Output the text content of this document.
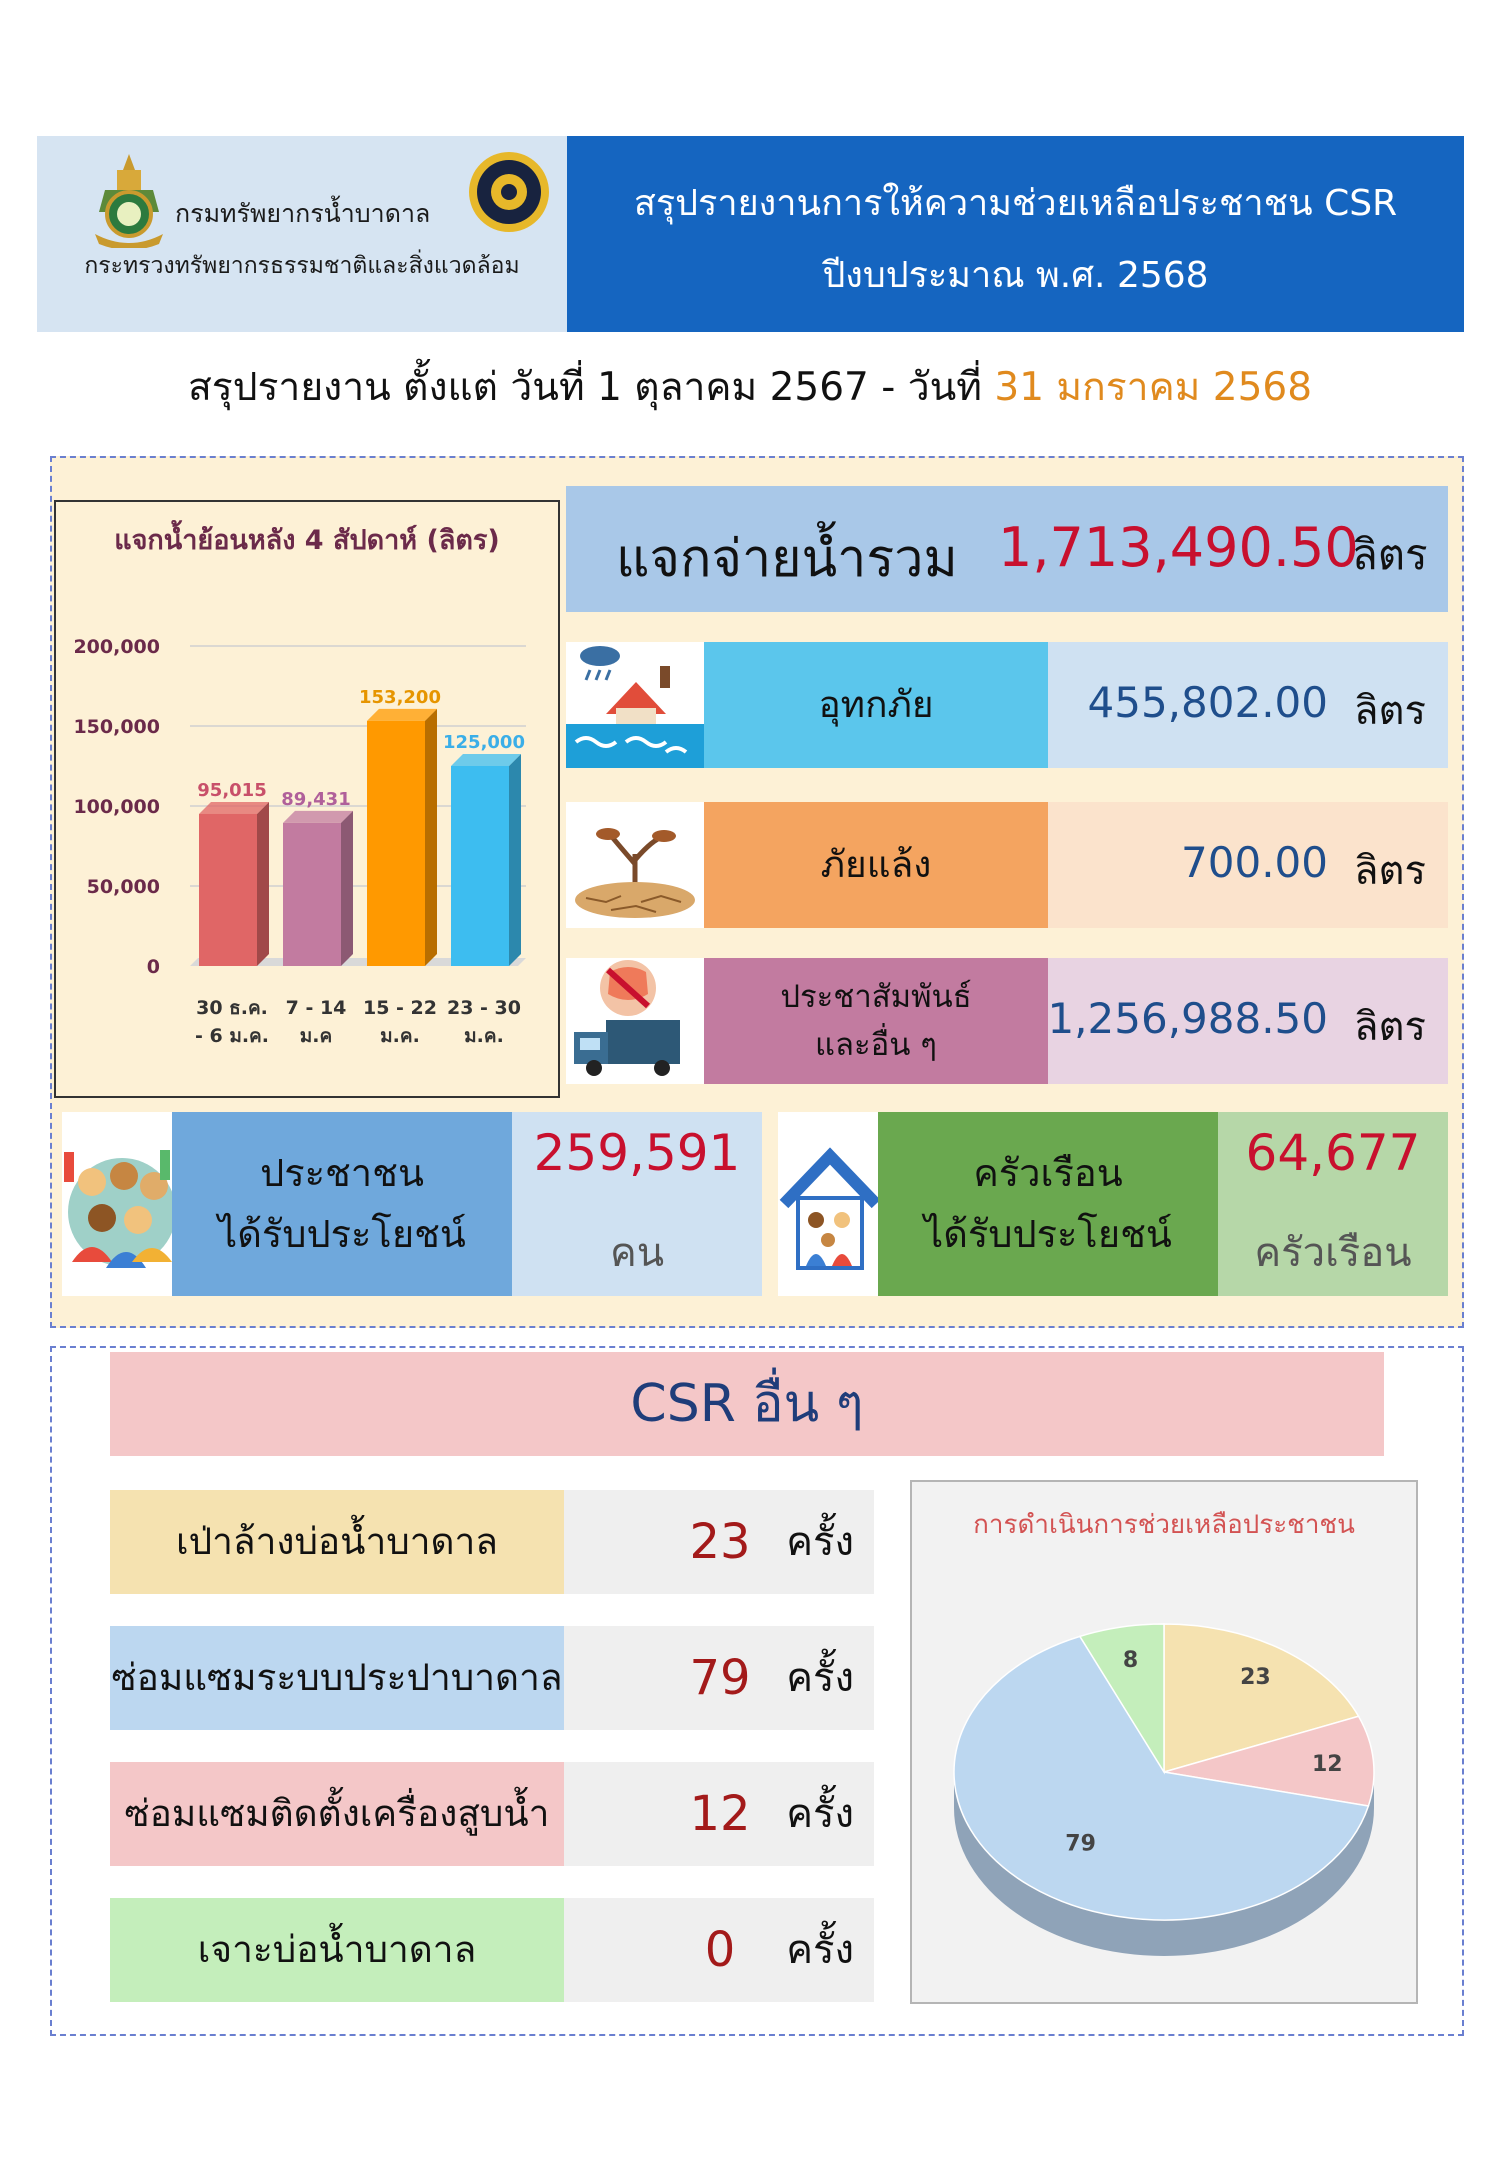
กรมทรัพยากรน้ำบาดาล
กระทรวงทรัพยากรธรรมชาติและสิ่งแวดล้อม
สรุปรายงานการให้ความช่วยเหลือประชาชน CSR
ปีงบประมาณ พ.ศ. 2568
สรุปรายงาน ตั้งแต่ วันที่ 1 ตุลาคม 2567 - วันที่ 31 มกราคม 2568
แจกน้ำย้อนหลัง 4 สัปดาห์ (ลิตร)
0
50,000
100,000
150,000
200,000
95,015
30 ธ.ค.
- 6 ม.ค.
89,431
7 - 14
ม.ค
153,200
15 - 22
ม.ค.
125,000
23 - 30
ม.ค.
แจกจ่ายน้ำรวม 1,713,490.50
ลิตร
อุทกภัย	455,802.00 ลิตร
ภัยแล้ง	700.00 ลิตร
ประชาสัมพันธ์
และอื่น ๆ
1,256,988.50 ลิตร
ประชาชน
ได้รับประโยชน์
259,591
คน
ครัวเรือน
ได้รับประโยชน์
64,677
ครัวเรือน
CSR อื่น ๆ
เป่าล้างบ่อน้ำบาดาล	23 ครั้ง
ซ่อมแซมระบบประปาบาดาล	79 ครั้ง
ซ่อมแซมติดตั้งเครื่องสูบน้ำ	12 ครั้ง
เจาะบ่อน้ำบาดาล	0	ครั้ง
การดำเนินการช่วยเหลือประชาชน
23
12
79
8
